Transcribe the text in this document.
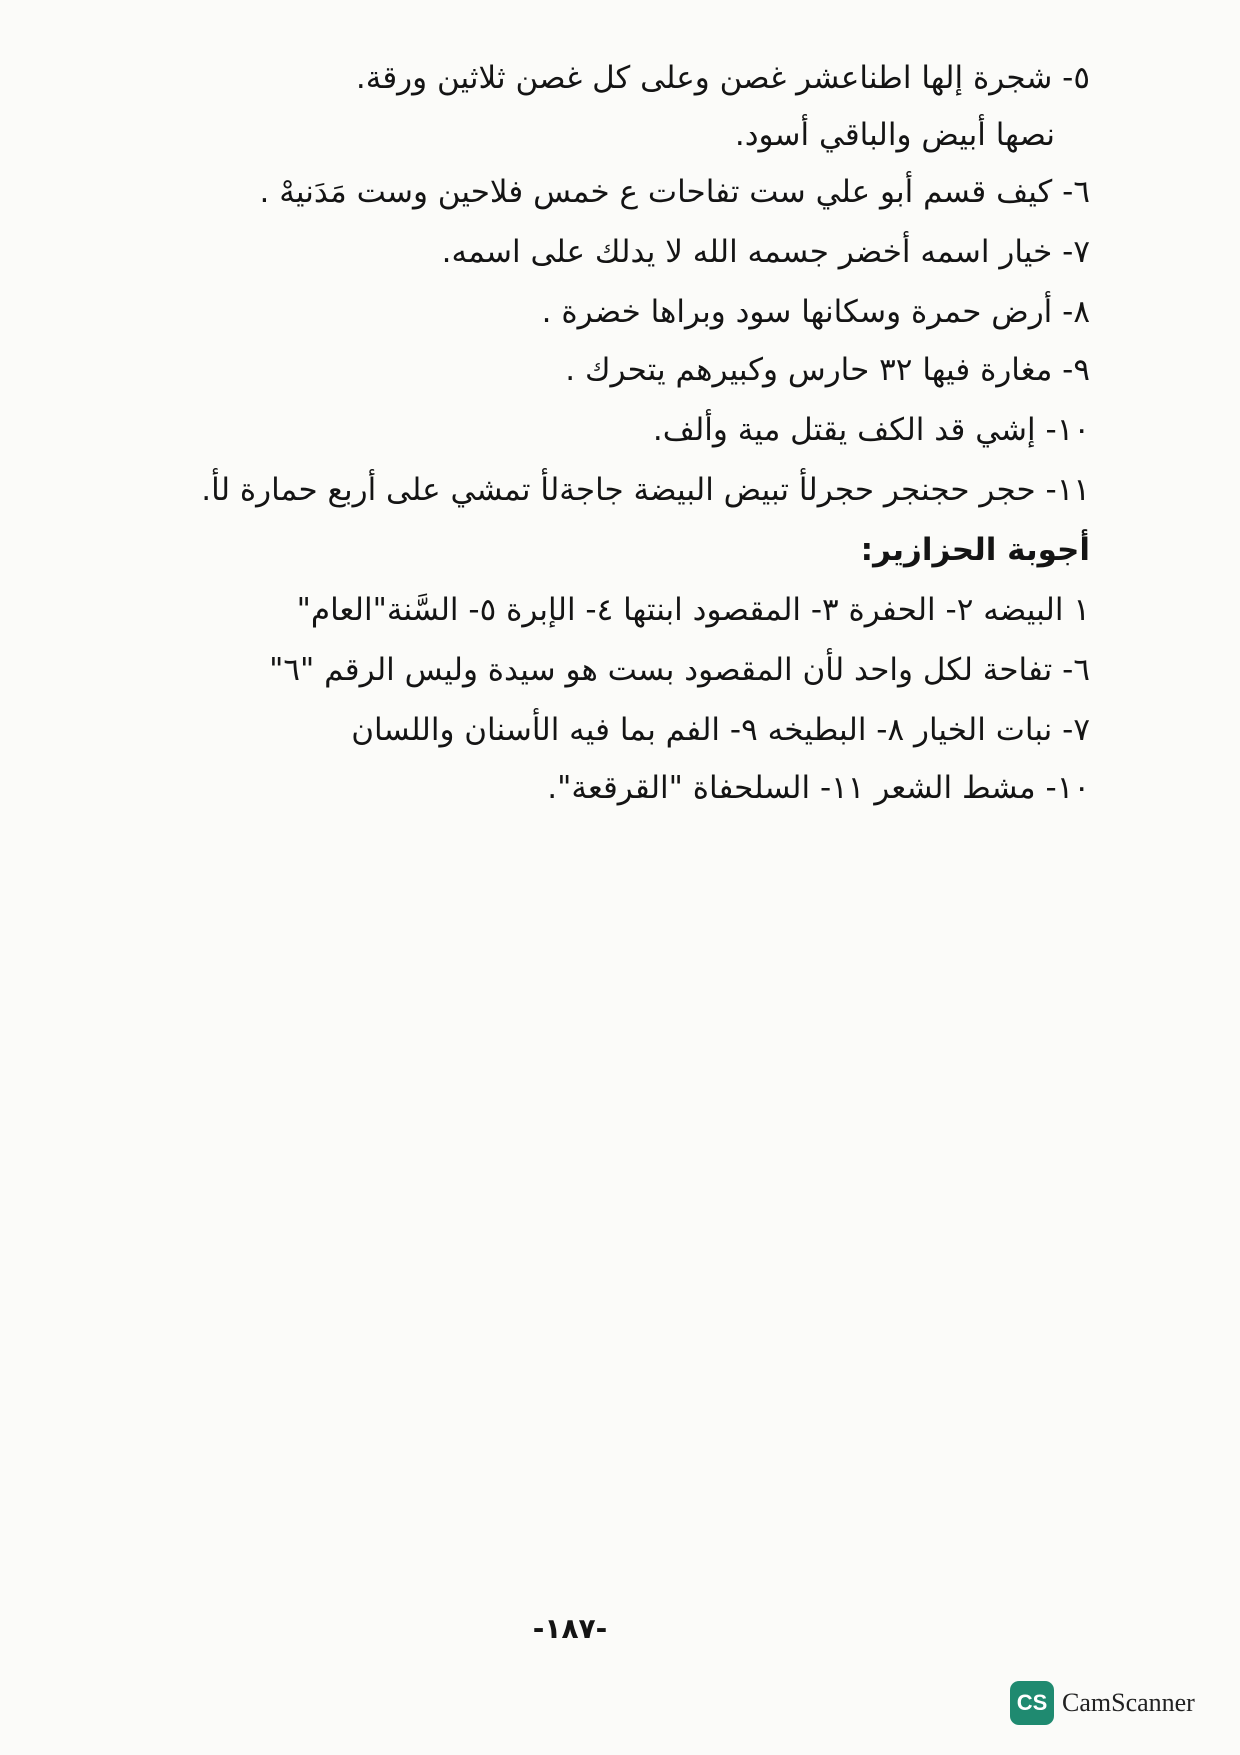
٥- شجرة إلها اطناعشر غصن وعلى كل غصن ثلاثين ورقة.
نصها أبيض والباقي أسود.
٦- كيف قسم أبو علي ست تفاحات ع خمس فلاحين وست مَدَنيهْ .
٧- خيار اسمه أخضر جسمه الله لا يدلك على اسمه.
٨- أرض حمرة وسكانها سود وبراها خضرة .
٩- مغارة فيها ٣٢ حارس وكبيرهم يتحرك .
١٠- إشي قد الكف يقتل مية وألف.
١١- حجر حجنجر حجرلأ تبيض البيضة جاجةلأ تمشي على أربع حمارة لأ.
أجوبة الحزازير:
١ البيضه ٢- الحفرة ٣- المقصود ابنتها ٤- الإبرة ٥- السَّنة"العام"
٦- تفاحة لكل واحد لأن المقصود بست هو سيدة وليس الرقم "٦"
٧- نبات الخيار ٨- البطيخه ٩- الفم بما فيه الأسنان واللسان
١٠- مشط الشعر ١١- السلحفاة "القرقعة".
-١٨٧-
CS CamScanner
